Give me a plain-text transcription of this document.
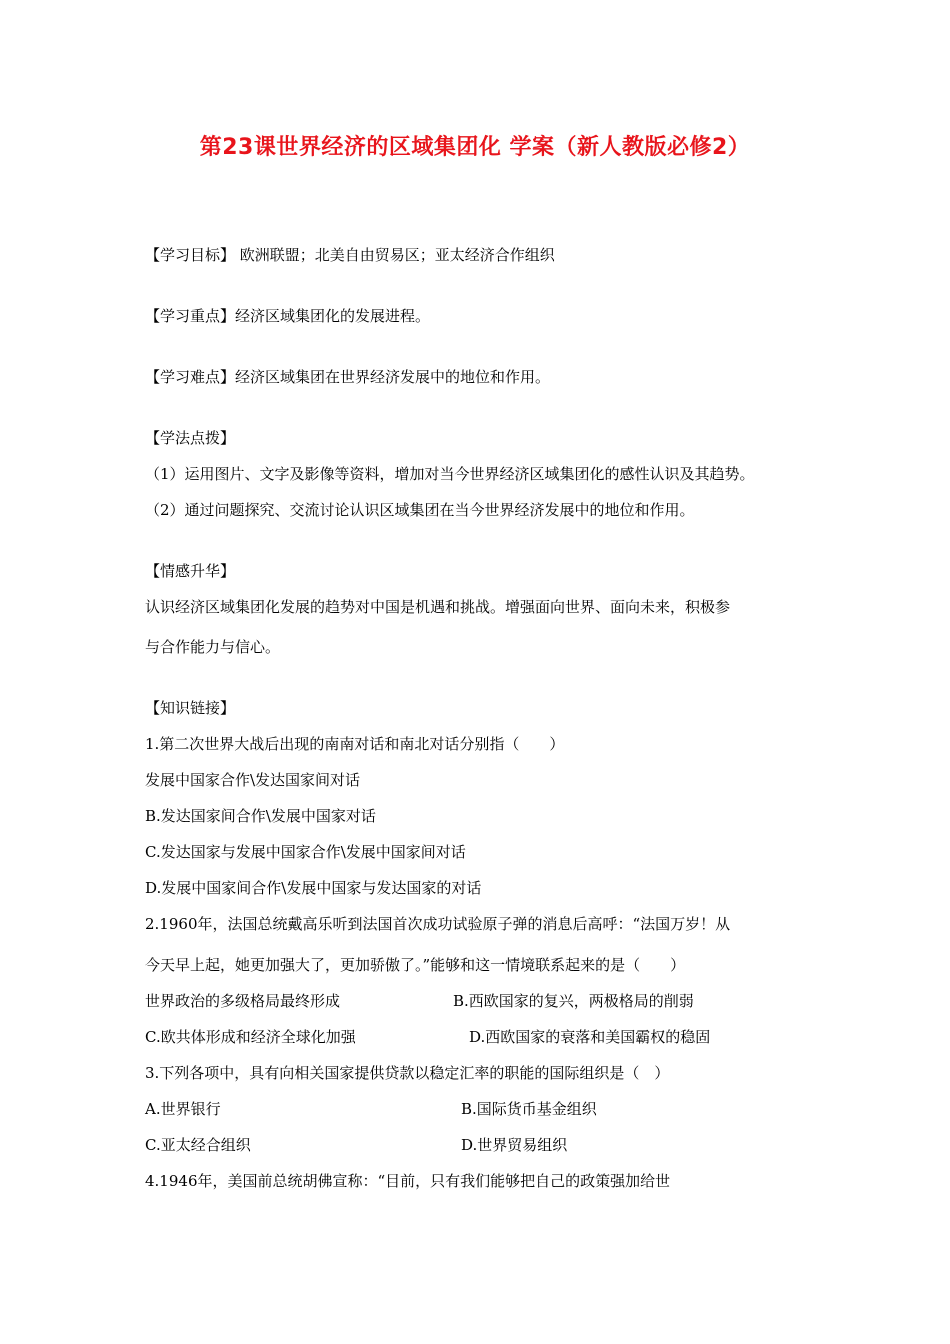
第23课世界经济的区域集团化 学案（新人教版必修2）
【学习目标】 欧洲联盟；北美自由贸易区；亚太经济合作组织
【学习重点】经济区域集团化的发展进程。
【学习难点】经济区域集团在世界经济发展中的地位和作用。
【学法点拨】
（1）运用图片、文字及影像等资料，增加对当今世界经济区域集团化的感性认识及其趋势。
（2）通过问题探究、交流讨论认识区域集团在当今世界经济发展中的地位和作用。
【情感升华】
认识经济区域集团化发展的趋势对中国是机遇和挑战。增强面向世界、面向未来，积极参
与合作能力与信心。
【知识链接】
1.第二次世界大战后出现的南南对话和南北对话分别指（　　）
发展中国家合作\发达国家间对话
B.发达国家间合作\发展中国家对话
C.发达国家与发展中国家合作\发展中国家间对话
D.发展中国家间合作\发展中国家与发达国家的对话
2.1960年，法国总统戴高乐听到法国首次成功试验原子弹的消息后高呼：“法国万岁！从
今天早上起，她更加强大了，更加骄傲了。”能够和这一情境联系起来的是（　　）
世界政治的多级格局最终形成	B.西欧国家的复兴，两极格局的削弱
C.欧共体形成和经济全球化加强	D.西欧国家的衰落和美国霸权的稳固
3.下列各项中，具有向相关国家提供贷款以稳定汇率的职能的国际组织是（　）
A.世界银行	B.国际货币基金组织
C.亚太经合组织	D.世界贸易组织
4.1946年，美国前总统胡佛宣称：“目前，只有我们能够把自己的政策强加给世
